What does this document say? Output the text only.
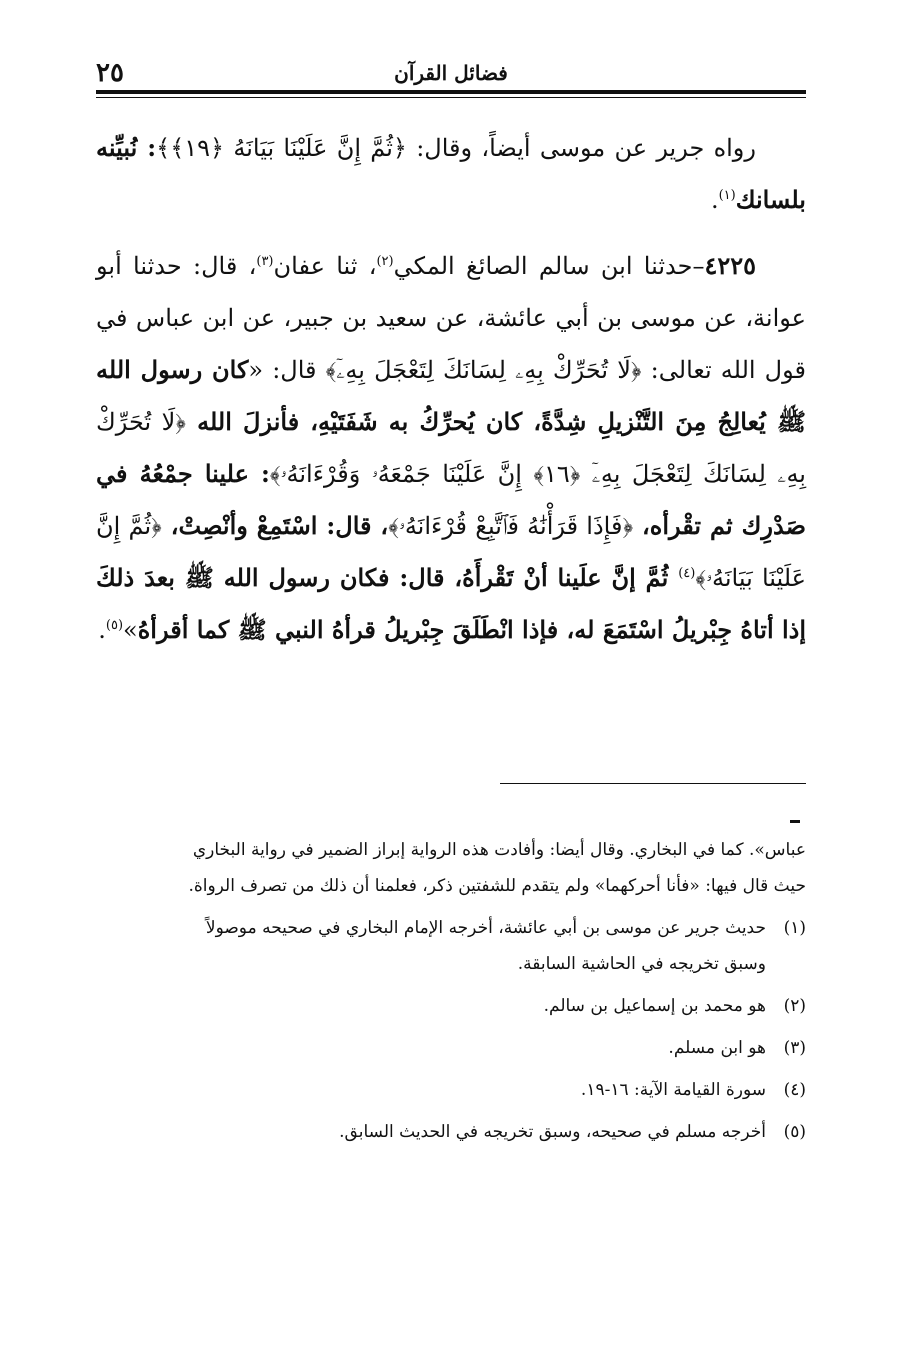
٢٥	فضائل القرآن

رواه جرير عن موسى أيضاً، وقال: ﴿ثُمَّ إِنَّ عَلَيْنَا بَيَانَهُ ﴿١٩﴾﴾: نُبيِّنه بلسانك$^{(١)}$.

٤٢٢٥–حدثنا ابن سالم الصائغ المكي$^{(٢)}$، ثنا عفان$^{(٣)}$، قال: حدثنا أبو عوانة، عن موسى بن أبي عائشة، عن سعيد بن جبير، عن ابن عباس في قول الله تعالى: ﴿لَا تُحَرِّكْ بِهِۦ لِسَانَكَ لِتَعْجَلَ بِهِۦٓ﴾ قال: «كان رسول الله ﷺ يُعالِجُ مِنَ التَّنْزيلِ شِدَّةً، كان يُحرِّكُ به شَفَتَيْهِ، فأنزلَ الله ﴿لَا تُحَرِّكْ بِهِۦ لِسَانَكَ لِتَعْجَلَ بِهِۦٓ ﴿١٦﴾ إِنَّ عَلَيْنَا جَمْعَهُۥ وَقُرْءَانَهُۥ﴾: علينا جمْعُهُ في صَدْرِك ثم تقْرأه، ﴿فَإِذَا قَرَأْنَٰهُ فَٱتَّبِعْ قُرْءَانَهُۥ﴾، قال: اسْتَمِعْ وأنْصِتْ، ﴿ثُمَّ إِنَّ عَلَيْنَا بَيَانَهُۥ﴾$^{(٤)}$ ثُمَّ إنَّ علَينا أنْ تَقْرأَهُ، قال: فكان رسول الله ﷺ بعدَ ذلكَ إذا أتاهُ جِبْريلُ اسْتَمَعَ له، فإذا انْطَلَقَ جِبْريلُ قرأهُ النبي ﷺ كما أقرأهُ»$^{(٥)}$.

عباس». كما في البخاري. وقال أيضا: وأفادت هذه الرواية إبراز الضمير في رواية البخاري

حيث قال فيها: «فأنا أحركهما» ولم يتقدم للشفتين ذكر، فعلمنا أن ذلك من تصرف الرواة.

(١)حديث جرير عن موسى بن أبي عائشة، أخرجه الإمام البخاري في صحيحه موصولاً
وسبق تخريجه في الحاشية السابقة.

(٢)هو محمد بن إسماعيل بن سالم.

(٣)هو ابن مسلم.

(٤)سورة القيامة الآية: ١٦-١٩.

(٥)أخرجه مسلم في صحيحه، وسبق تخريجه في الحديث السابق.
